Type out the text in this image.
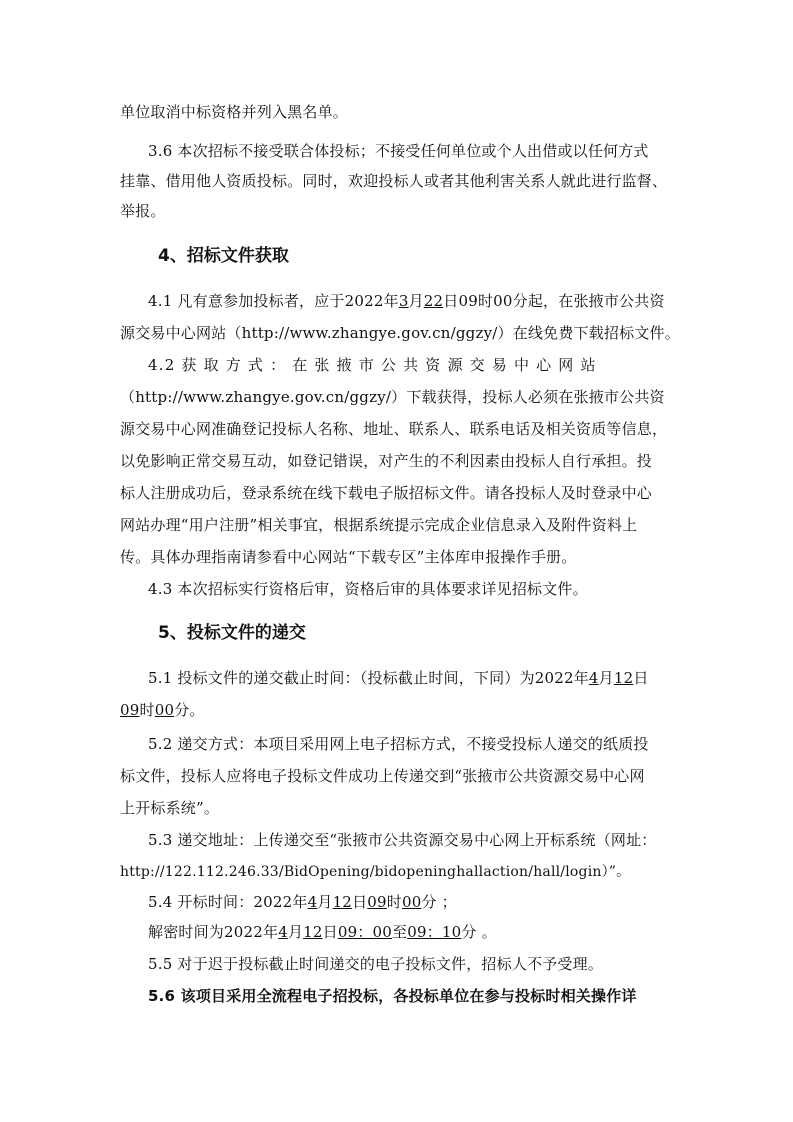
单位取消中标资格并列入黑名单。
3.6 本次招标不接受联合体投标；不接受任何单位或个人出借或以任何方式
挂靠、借用他人资质投标。同时，欢迎投标人或者其他利害关系人就此进行监督、
举报。
4、招标文件获取
4.1 凡有意参加投标者，应于2022年3月22日09时00分起，在张掖市公共资
源交易中心网站（http://www.zhangye.gov.cn/ggzy/）在线免费下载招标文件。
4.2 获 取 方 式 ： 在 张 掖 市 公 共 资 源 交 易 中 心 网 站
（http://www.zhangye.gov.cn/ggzy/）下载获得，投标人必须在张掖市公共资
源交易中心网准确登记投标人名称、地址、联系人、联系电话及相关资质等信息，
以免影响正常交易互动，如登记错误，对产生的不利因素由投标人自行承担。投
标人注册成功后，登录系统在线下载电子版招标文件。请各投标人及时登录中心
网站办理“用户注册”相关事宜，根据系统提示完成企业信息录入及附件资料上
传。具体办理指南请参看中心网站“下载专区”主体库申报操作手册。
4.3 本次招标实行资格后审，资格后审的具体要求详见招标文件。
5、投标文件的递交
5.1 投标文件的递交截止时间：（投标截止时间，下同）为2022年4月12日
09时00分。
5.2 递交方式：本项目采用网上电子招标方式，不接受投标人递交的纸质投
标文件，投标人应将电子投标文件成功上传递交到“张掖市公共资源交易中心网
上开标系统”。
5.3 递交地址：上传递交至“张掖市公共资源交易中心网上开标系统（网址：
http://122.112.246.33/BidOpening/bidopeninghallaction/hall/login）”。
5.4 开标时间：2022年4月12日09时00分 ；
解密时间为2022年4月12日09：00至09：10分 。
5.5 对于迟于投标截止时间递交的电子投标文件，招标人不予受理。
5.6 该项目采用全流程电子招投标，各投标单位在参与投标时相关操作详
